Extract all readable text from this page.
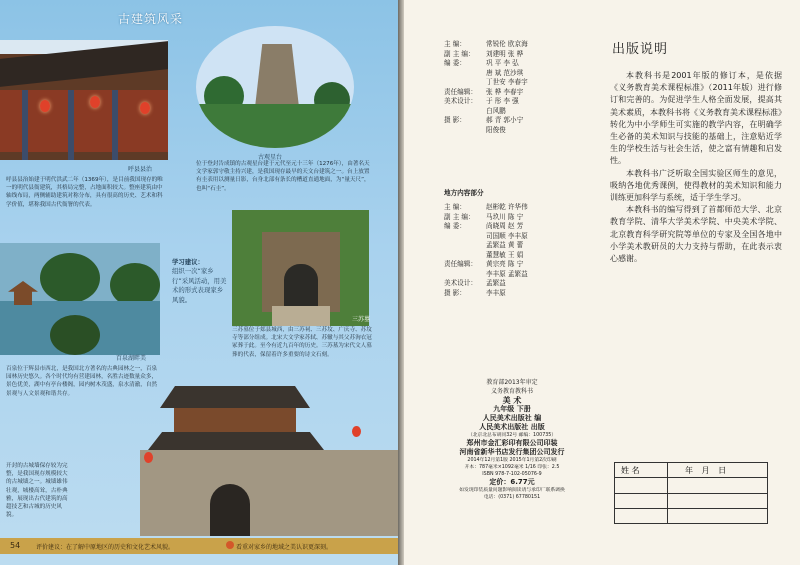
古建筑风采
呼县县治
古观星台
呼县县治始建于明代洪武二年（1369年），是目前我国现存的唯一的明代县衙建筑，其格局完整，占地面积较大。整座建筑由中轴线布局，两侧辅助建筑对称分布，具有很高的历史、艺术和科学价值，堪称我国古代衙署的代表。
位于登封告成镇的古观星台建于元代至元十三年（1276年），由著名天文学家郭守敬主持兴建，是我国现存最早的天文台建筑之一。台上放置有圭表用以测量日影，台身北部有条长的槽道直通地面，为“量天尺”，也叫“石圭”。
百泉湖畔美
学习建议：
组织一次“家乡行”采风活动，用美术的形式表现家乡风貌。
三苏墓
三苏墓位于郏县城西，由三苏祠、三苏坟、广庆寺、苏坟寺等部分组成。北宋大文学家苏轼、苏辙与其父苏洵衣冠冢葬于此。至今有近九百年的历史。三苏墓为宋代文人墓葬的代表，保留着许多重要的诗文石刻。
百泉位于辉县市西北，是我国北方著名的古典园林之一，百泉园林历史悠久。各个时代均有营建园林，名胜古迹数量众多，景色优美，湖中有亭台楼阁，园内树木茂盛，泉水清澈，自然景观与人文景观和谐共存。
开封的古城墙保存较为完整，是我国现存规模较大的古城墙之一。城墙雄伟壮观，城楼高耸，古朴典雅，展现出古代建筑的高超技艺和古城的历史风貌。
54	评价建议：在了解中原地区的历史和文化艺术风貌。	看重对家乡的地域之美认识更深刻。
主 编：	常锐伦 欧京海
副 主 编：	刘建明 张 桦
编 委：	巩 平 李 弘
唐 斌 范沙琪
丁世安 李春宇
责任编辑：	张 桦 李春宇
美术设计：	于 彤 李 强
白风鹏
摄 影：	郝 青 郭小宁
阳俊俊
地方内容部分
主 编：	赵彬乾 许华伟
副 主 编：	马玖川 陈 宁
编 委：	尚晓周 赵 芳
司国顺 李丰原
孟繁益 黄 蕾
董慧敏 王 娟
责任编辑：	黄宗亮 陈 宁
李丰原 孟繁益
美术设计：	孟繁益
摄 影：	李丰原
教育部2013年审定
义务教育教科书
美 术
九年级 下册
人民美术出版社 编
人民美术出版社 出版
（北京北总布胡同32号 邮编：100735）
郑州市金汇彩印有限公司印装
河南省新华书店发行集团公司发行
2014年12月第1版 2015年1月第2次印刷
开本：787毫米×1092毫米 1/16 印张：2.5
ISBN 978-7-102-05076-9
定价：6.77元
如发现印装质量问题影响阅读请与承印厂联系调换
电话：(0371) 67780151
出版说明

本教科书是2001年版的修订本，是依据《义务教育美术课程标准》（2011年版）进行修订和完善的。为促进学生人格全面发展，提高其美术素质，本教科书将《义务教育美术课程标准》转化为中小学师生可实施的教学内容，在明确学生必备的美术知识与技能的基础上，注意贴近学生的学校生活与社会生活，使之富有情趣和启发性。

本教科书广泛听取全国实验区师生的意见，吸纳各地优秀课例，使得教材的美术知识和能力训练更加科学与系统，适于学生学习。

本教科书的编写得到了首都师范大学、北京教育学院、清华大学美术学院、中央美术学院、北京教育科学研究院等单位的专家及全国各地中小学美术教研员的大力支持与帮助，在此表示衷心感谢。

姓 名	年 月 日
